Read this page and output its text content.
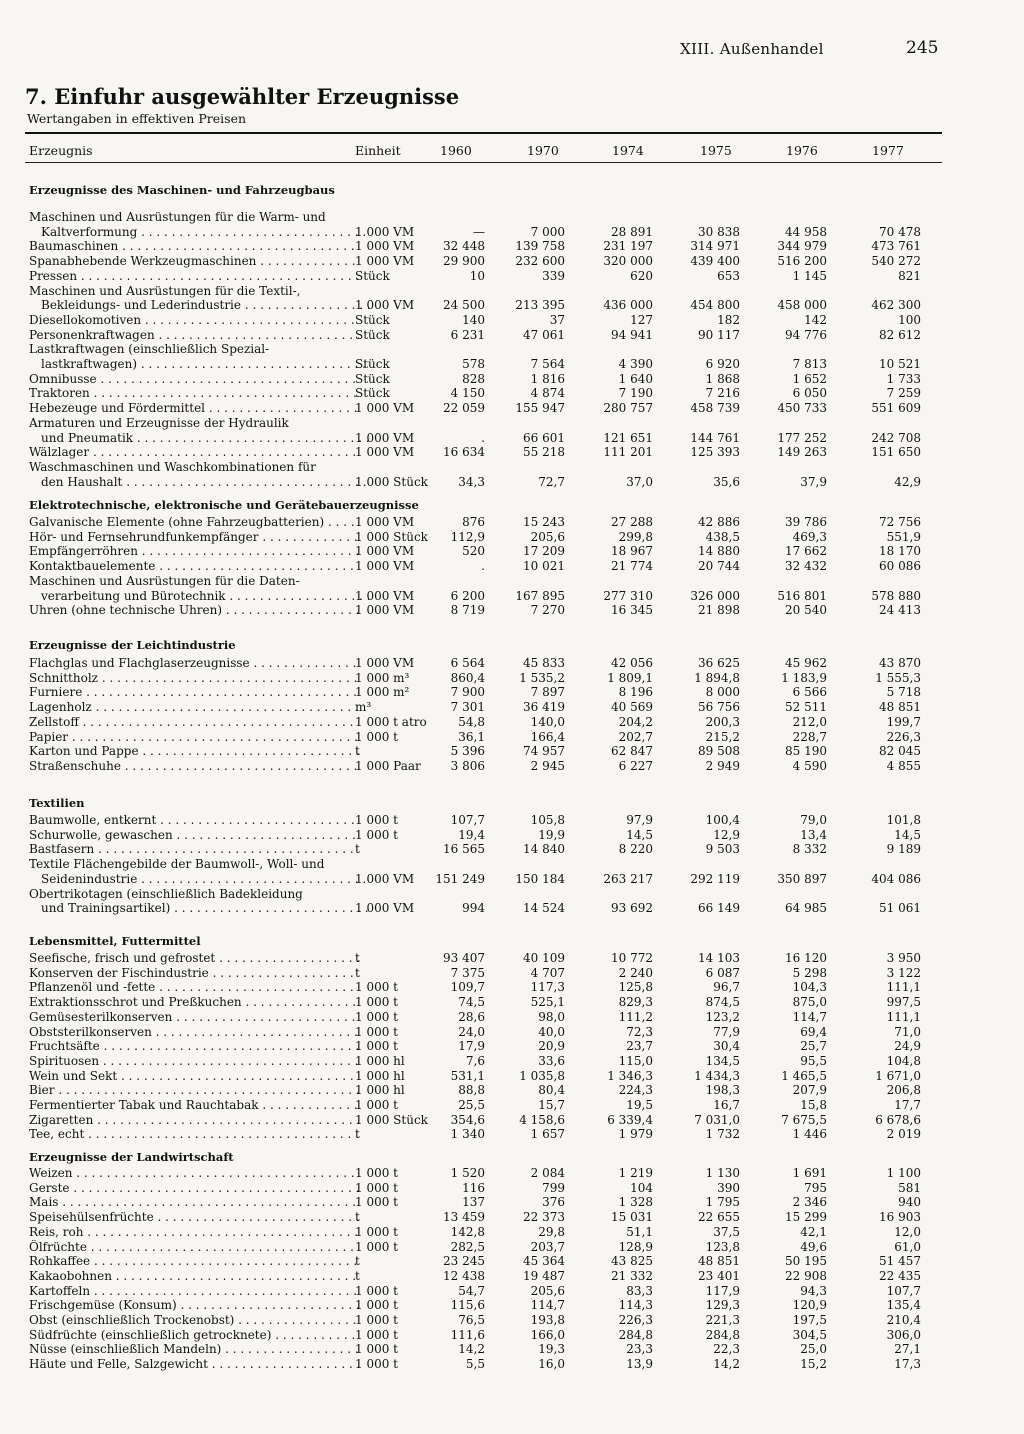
XIII. Außenhandel	245
7. Einfuhr ausgewählter Erzeugnisse
Wertangaben in effektiven Preisen
Erzeugnis	Einheit	1960	1970	1974	1975	1976	1977
Erzeugnisse des Maschinen- und Fahrzeugbaus
Maschinen und Ausrüstungen für die Warm- und
Kaltverformung . . .	1 000 VM	—	7 000	28 891	30 838	44 958	70 478
Baumaschinen . . .	1 000 VM	32 448	139 758	231 197	314 971	344 979	473 761
Spanabhebende Werkzeugmaschinen . . .	1 000 VM	29 900	232 600	320 000	439 400	516 200	540 272
Pressen . . .	Stück	10	339	620	653	1 145	821
Maschinen und Ausrüstungen für die Textil-,
Bekleidungs- und Lederindustrie . . .	1 000 VM	24 500	213 395	436 000	454 800	458 000	462 300
Diesellokomotiven . . .	Stück	140	37	127	182	142	100
Personenkraftwagen . . .	Stück	6 231	47 061	94 941	90 117	94 776	82 612
Lastkraftwagen (einschließlich Spezial-
lastkraftwagen) . . .	Stück	578	7 564	4 390	6 920	7 813	10 521
Omnibusse . . .	Stück	828	1 816	1 640	1 868	1 652	1 733
Traktoren . . .	Stück	4 150	4 874	7 190	7 216	6 050	7 259
Hebezeuge und Fördermittel . . .	1 000 VM	22 059	155 947	280 757	458 739	450 733	551 609
Armaturen und Erzeugnisse der Hydraulik
und Pneumatik . . .	1 000 VM	.	66 601	121 651	144 761	177 252	242 708
Wälzlager . . .	1 000 VM	16 634	55 218	111 201	125 393	149 263	151 650
Waschmaschinen und Waschkombinationen für
den Haushalt . . .	1 000 Stück	34,3	72,7	37,0	35,6	37,9	42,9
Elektrotechnische, elektronische und Gerätebauerzeugnisse
Galvanische Elemente (ohne Fahrzeugbatterien) . . .	1 000 VM	876	15 243	27 288	42 886	39 786	72 756
Hör- und Fernsehrundfunkempfänger . . .	1 000 Stück	112,9	205,6	299,8	438,5	469,3	551,9
Empfängerröhren . . .	1 000 VM	520	17 209	18 967	14 880	17 662	18 170
Kontaktbauelemente . . .	1 000 VM	.	10 021	21 774	20 744	32 432	60 086
Maschinen und Ausrüstungen für die Daten-
verarbeitung und Bürotechnik . . .	1 000 VM	6 200	167 895	277 310	326 000	516 801	578 880
Uhren (ohne technische Uhren) . . .	1 000 VM	8 719	7 270	16 345	21 898	20 540	24 413
Erzeugnisse der Leichtindustrie
Flachglas und Flachglaserzeugnisse . . .	1 000 VM	6 564	45 833	42 056	36 625	45 962	43 870
Schnittholz . . .	1 000 m³	860,4	1 535,2	1 809,1	1 894,8	1 183,9	1 555,3
Furniere . . .	1 000 m²	7 900	7 897	8 196	8 000	6 566	5 718
Lagenholz . . .	m³	7 301	36 419	40 569	56 756	52 511	48 851
Zellstoff . . .	1 000 t atro	54,8	140,0	204,2	200,3	212,0	199,7
Papier . . .	1 000 t	36,1	166,4	202,7	215,2	228,7	226,3
Karton und Pappe . . .	t	5 396	74 957	62 847	89 508	85 190	82 045
Straßenschuhe . . .	1 000 Paar	3 806	2 945	6 227	2 949	4 590	4 855
Textilien
Baumwolle, entkernt . . .	1 000 t	107,7	105,8	97,9	100,4	79,0	101,8
Schurwolle, gewaschen . . .	1 000 t	19,4	19,9	14,5	12,9	13,4	14,5
Bastfasern . . .	t	16 565	14 840	8 220	9 503	8 332	9 189
Textile Flächengebilde der Baumwoll-, Woll- und
Seidenindustrie . . .	1 000 VM	151 249	150 184	263 217	292 119	350 897	404 086
Obertrikotagen (einschließlich Badekleidung
und Trainingsartikel) . . .	1 000 VM	994	14 524	93 692	66 149	64 985	51 061
Lebensmittel, Futtermittel
Seefische, frisch und gefrostet . . .	t	93 407	40 109	10 772	14 103	16 120	3 950
Konserven der Fischindustrie . . .	t	7 375	4 707	2 240	6 087	5 298	3 122
Pflanzenöl und -fette . . .	1 000 t	109,7	117,3	125,8	96,7	104,3	111,1
Extraktionsschrot und Preßkuchen . . .	1 000 t	74,5	525,1	829,3	874,5	875,0	997,5
Gemüsesterilkonserven . . .	1 000 t	28,6	98,0	111,2	123,2	114,7	111,1
Obststerilkonserven . . .	1 000 t	24,0	40,0	72,3	77,9	69,4	71,0
Fruchtsäfte . . .	1 000 t	17,9	20,9	23,7	30,4	25,7	24,9
Spirituosen . . .	1 000 hl	7,6	33,6	115,0	134,5	95,5	104,8
Wein und Sekt . . .	1 000 hl	531,1	1 035,8	1 346,3	1 434,3	1 465,5	1 671,0
Bier . . .	1 000 hl	88,8	80,4	224,3	198,3	207,9	206,8
Fermentierter Tabak und Rauchtabak . . .	1 000 t	25,5	15,7	19,5	16,7	15,8	17,7
Zigaretten . . .	1 000 Stück	354,6	4 158,6	6 339,4	7 031,0	7 675,5	6 678,6
Tee, echt . . .	t	1 340	1 657	1 979	1 732	1 446	2 019
Erzeugnisse der Landwirtschaft
Weizen . . .	1 000 t	1 520	2 084	1 219	1 130	1 691	1 100
Gerste . . .	1 000 t	116	799	104	390	795	581
Mais . . .	1 000 t	137	376	1 328	1 795	2 346	940
Speisehülsenfrüchte . . .	t	13 459	22 373	15 031	22 655	15 299	16 903
Reis, roh . . .	1 000 t	142,8	29,8	51,1	37,5	42,1	12,0
Ölfrüchte . . .	1 000 t	282,5	203,7	128,9	123,8	49,6	61,0
Rohkaffee . . .	t	23 245	45 364	43 825	48 851	50 195	51 457
Kakaobohnen . . .	t	12 438	19 487	21 332	23 401	22 908	22 435
Kartoffeln . . .	1 000 t	54,7	205,6	83,3	117,9	94,3	107,7
Frischgemüse (Konsum) . . .	1 000 t	115,6	114,7	114,3	129,3	120,9	135,4
Obst (einschließlich Trockenobst) . . .	1 000 t	76,5	193,8	226,3	221,3	197,5	210,4
Südfrüchte (einschließlich getrocknete) . . .	1 000 t	111,6	166,0	284,8	284,8	304,5	306,0
Nüsse (einschließlich Mandeln) . . .	1 000 t	14,2	19,3	23,3	22,3	25,0	27,1
Häute und Felle, Salzgewicht . . .	1 000 t	5,5	16,0	13,9	14,2	15,2	17,3
